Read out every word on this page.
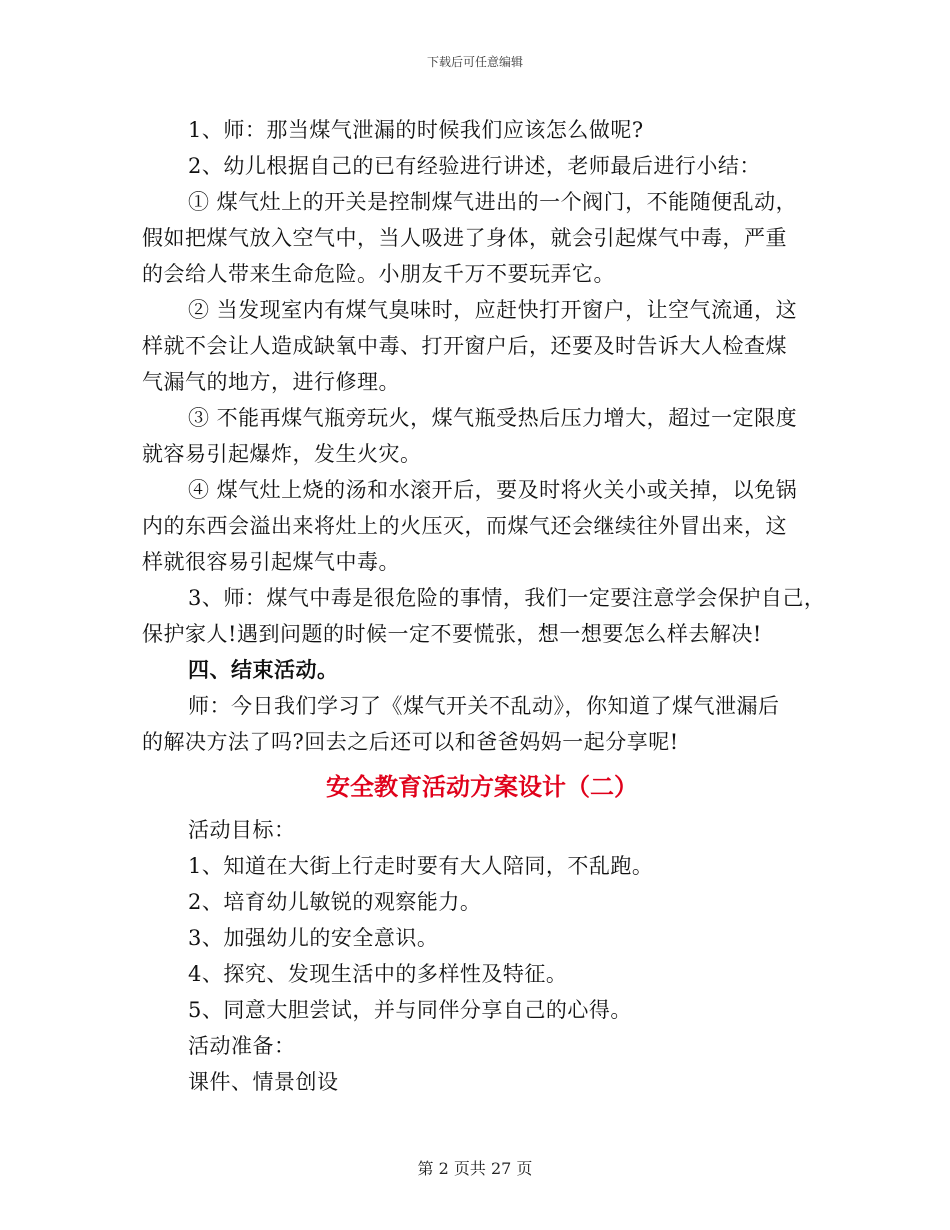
下载后可任意编辑
1、师：那当煤气泄漏的时候我们应该怎么做呢?
2、幼儿根据自己的已有经验进行讲述，老师最后进行小结：
① 煤气灶上的开关是控制煤气进出的一个阀门，不能随便乱动，
假如把煤气放入空气中，当人吸进了身体，就会引起煤气中毒，严重
的会给人带来生命危险。小朋友千万不要玩弄它。
② 当发现室内有煤气臭味时，应赶快打开窗户，让空气流通，这
样就不会让人造成缺氧中毒、打开窗户后，还要及时告诉大人检查煤
气漏气的地方，进行修理。
③ 不能再煤气瓶旁玩火，煤气瓶受热后压力增大，超过一定限度
就容易引起爆炸，发生火灾。
④ 煤气灶上烧的汤和水滚开后，要及时将火关小或关掉，以免锅
内的东西会溢出来将灶上的火压灭，而煤气还会继续往外冒出来，这
样就很容易引起煤气中毒。
3、师：煤气中毒是很危险的事情，我们一定要注意学会保护自己，
保护家人!遇到问题的时候一定不要慌张，想一想要怎么样去解决!
四、结束活动。
师：今日我们学习了《煤气开关不乱动》，你知道了煤气泄漏后
的解决方法了吗?回去之后还可以和爸爸妈妈一起分享呢!
安全教育活动方案设计（二）
活动目标：
1、知道在大街上行走时要有大人陪同，不乱跑。
2、培育幼儿敏锐的观察能力。
3、加强幼儿的安全意识。
4、探究、发现生活中的多样性及特征。
5、同意大胆尝试，并与同伴分享自己的心得。
活动准备：
课件、情景创设
第 2 页共 27 页
